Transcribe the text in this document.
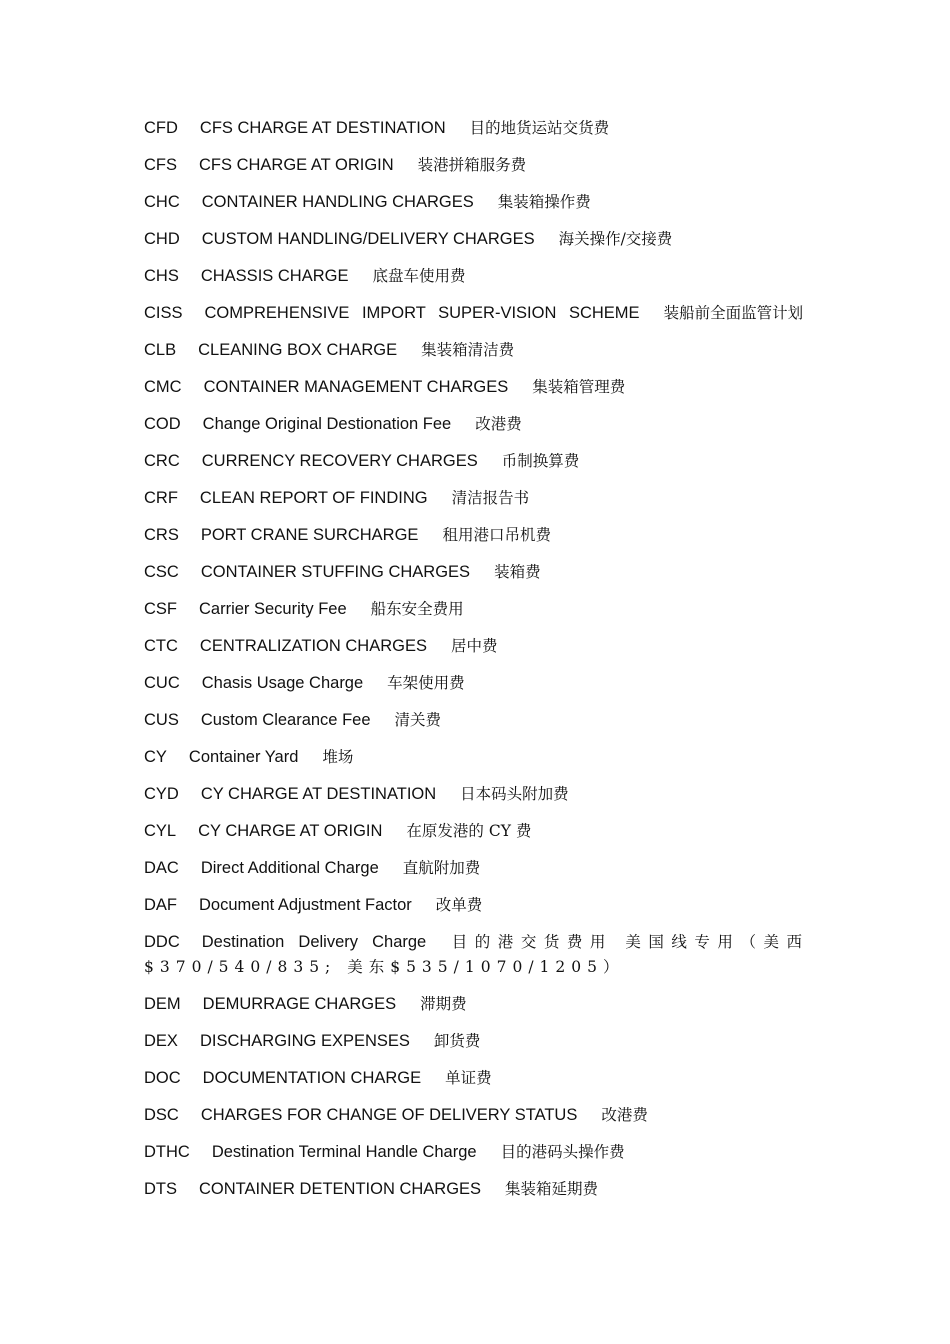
CFD CFS CHARGE AT DESTINATION 目的地货运站交货费
CFS CFS CHARGE AT ORIGIN 装港拼箱服务费
CHC CONTAINER HANDLING CHARGES 集装箱操作费
CHD CUSTOM HANDLING/DELIVERY CHARGES 海关操作/交接费
CHS CHASSIS CHARGE 底盘车使用费
CISS COMPREHENSIVE IMPORT SUPER-VISION SCHEME 装船前全面监管计划
CLB CLEANING BOX CHARGE 集装箱清洁费
CMC CONTAINER MANAGEMENT CHARGES 集装箱管理费
COD Change Original Destionation Fee 改港费
CRC CURRENCY RECOVERY CHARGES 币制换算费
CRF CLEAN REPORT OF FINDING 清洁报告书
CRS PORT CRANE SURCHARGE 租用港口吊机费
CSC CONTAINER STUFFING CHARGES 装箱费
CSF Carrier Security Fee 船东安全费用
CTC CENTRALIZATION CHARGES 居中费
CUC Chasis Usage Charge 车架使用费
CUS Custom Clearance Fee 清关费
CY Container Yard 堆场
CYD CY CHARGE AT DESTINATION 日本码头附加费
CYL CY CHARGE AT ORIGIN 在原发港的 CY 费
DAC Direct Additional Charge 直航附加费
DAF Document Adjustment Factor 改单费
DDC Destination Delivery Charge 目的港交货费用 美国线专用（美西 $370/540/835; 美东$535/1070/1205）
DEM DEMURRAGE CHARGES 滞期费
DEX DISCHARGING EXPENSES 卸货费
DOC DOCUMENTATION CHARGE 单证费
DSC CHARGES FOR CHANGE OF DELIVERY STATUS 改港费
DTHC Destination Terminal Handle Charge 目的港码头操作费
DTS CONTAINER DETENTION CHARGES 集装箱延期费
